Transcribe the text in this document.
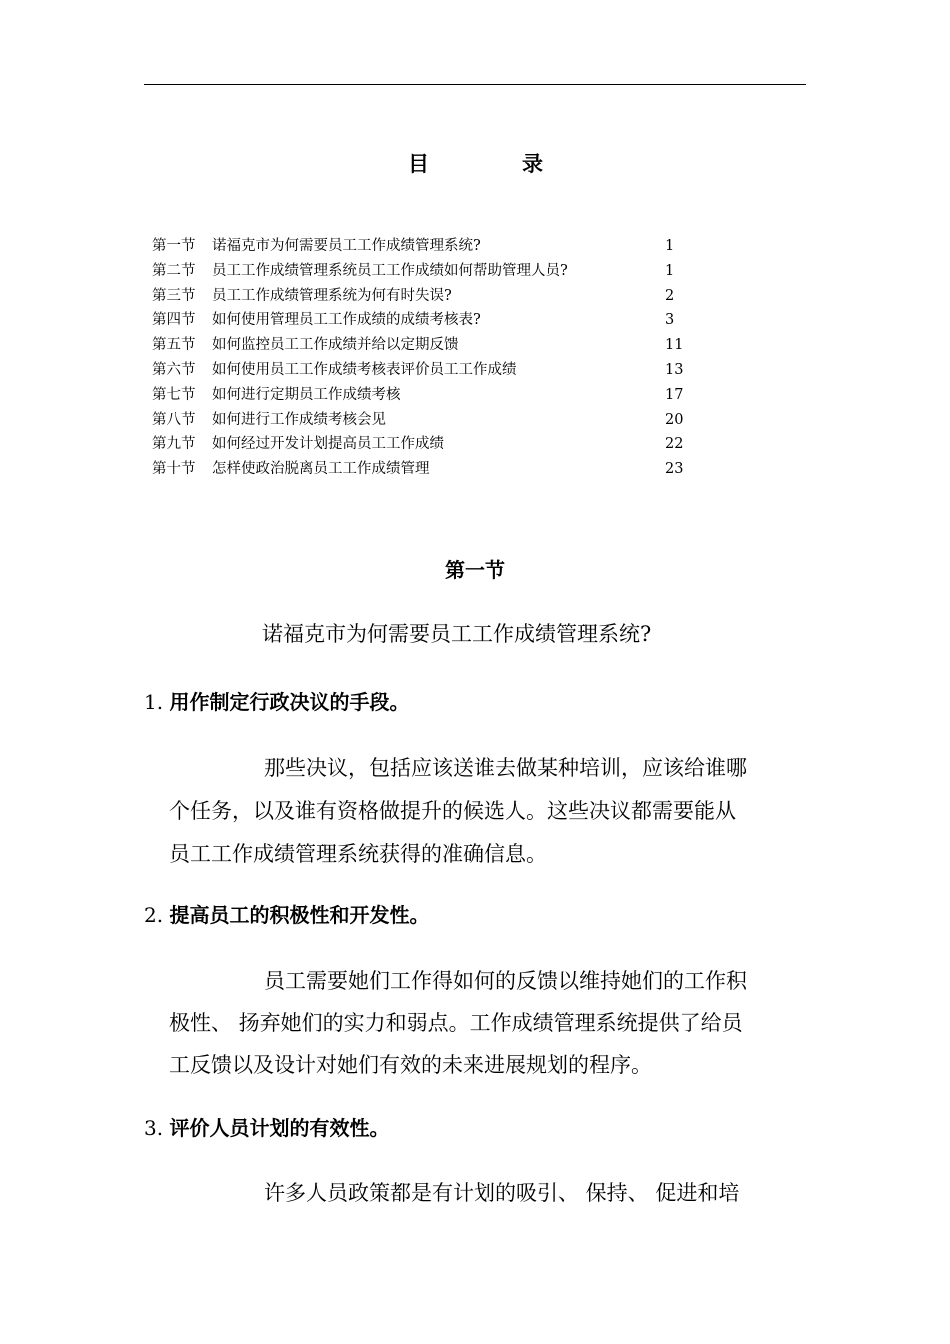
目	录
第一节 诺福克市为何需要员工工作成绩管理系统?	1
第二节 员工工作成绩管理系统员工工作成绩如何帮助管理人员?	1
第三节 员工工作成绩管理系统为何有时失误?	2
第四节 如何使用管理员工工作成绩的成绩考核表?	3
第五节 如何监控员工工作成绩并给以定期反馈	11
第六节 如何使用员工工作成绩考核表评价员工工作成绩	13
第七节 如何进行定期员工作成绩考核	17
第八节 如何进行工作成绩考核会见	20
第九节 如何经过开发计划提高员工工作成绩	22
第十节 怎样使政治脱离员工工作成绩管理	23
第一节
诺福克市为何需要员工工作成绩管理系统?
1. 用作制定行政决议的手段。
那些决议，包括应该送谁去做某种培训，应该给谁哪
个任务，以及谁有资格做提升的候选人。这些决议都需要能从
员工工作成绩管理系统获得的准确信息。
2. 提高员工的积极性和开发性。
员工需要她们工作得如何的反馈以维持她们的工作积
极性、 扬弃她们的实力和弱点。工作成绩管理系统提供了给员
工反馈以及设计对她们有效的未来进展规划的程序。
3. 评价人员计划的有效性。
许多人员政策都是有计划的吸引、 保持、 促进和培
